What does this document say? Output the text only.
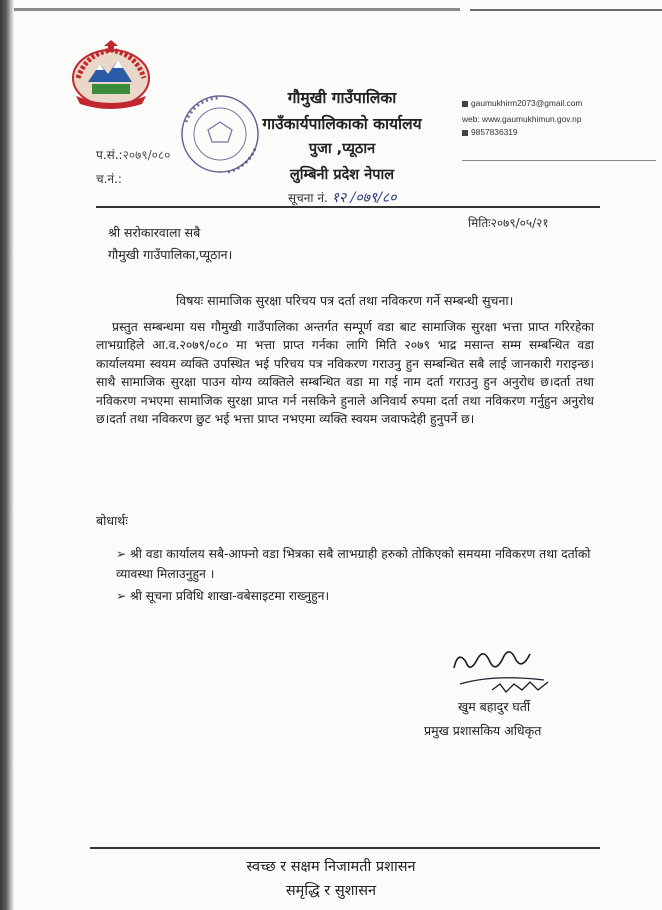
गौमुखी गाउँपालिका
गाउँकार्यपालिकाको कार्यालय
पुजा ,प्यूठान
लुम्बिनी प्रदेश नेपाल
gaumukhirm2073@gmail.com
web: www.gaumukhimun.gov.np
9857836319
प.सं.:२०७९/०८०
च.नं.:
सूचना नं. १२ /०७९/८०
मितिः२०७९/०५/२१
श्री सरोकारवाला सबै
गौमुखी गाउँपालिका,प्यूठान।
विषयः सामाजिक सुरक्षा परिचय पत्र दर्ता तथा नविकरण गर्ने सम्बन्धी सुचना।

प्रस्तुत सम्बन्धमा यस गौमुखी गाउँपालिका अन्तर्गत सम्पूर्ण वडा बाट सामाजिक सुरक्षा भत्ता प्राप्त गरिरहेका लाभग्राहिले आ.व.२०७९/०८० मा भत्ता प्राप्त गर्नका लागि मिति २०७९ भाद्र मसान्त सम्म सम्बन्धित वडा कार्यालयमा स्वयम व्यक्ति उपस्थित भई परिचय पत्र नविकरण गराउनु हुन सम्बन्धित सबै लाई जानकारी गराइन्छ।साथै सामाजिक सुरक्षा पाउन योग्य व्यक्तिले सम्बन्धित वडा मा गई नाम दर्ता गराउनु हुन अनुरोध छ।दर्ता तथा नविकरण नभएमा सामाजिक सुरक्षा प्राप्त गर्न नसकिने हुनाले अनिवार्य रुपमा दर्ता तथा नविकरण गर्नुहुन अनुरोध छ।दर्ता तथा नविकरण छुट भई भत्ता प्राप्त नभएमा व्यक्ति स्वयम जवाफदेही हुनुपर्ने छ।

बोधार्थः
➢ श्री वडा कार्यालय सबै-आफ्नो वडा भित्रका सबै लाभग्राही हरुको तोकिएको समयमा नविकरण तथा दर्ताको व्यावस्था मिलाउनुहुन ।
➢ श्री सूचना प्रविधि शाखा-वबेसाइटमा राख्नुहुन।
खुम बहादुर घर्ती
प्रमुख प्रशासकिय अधिकृत
स्वच्छ र सक्षम निजामती प्रशासन
समृद्धि र सुशासन
